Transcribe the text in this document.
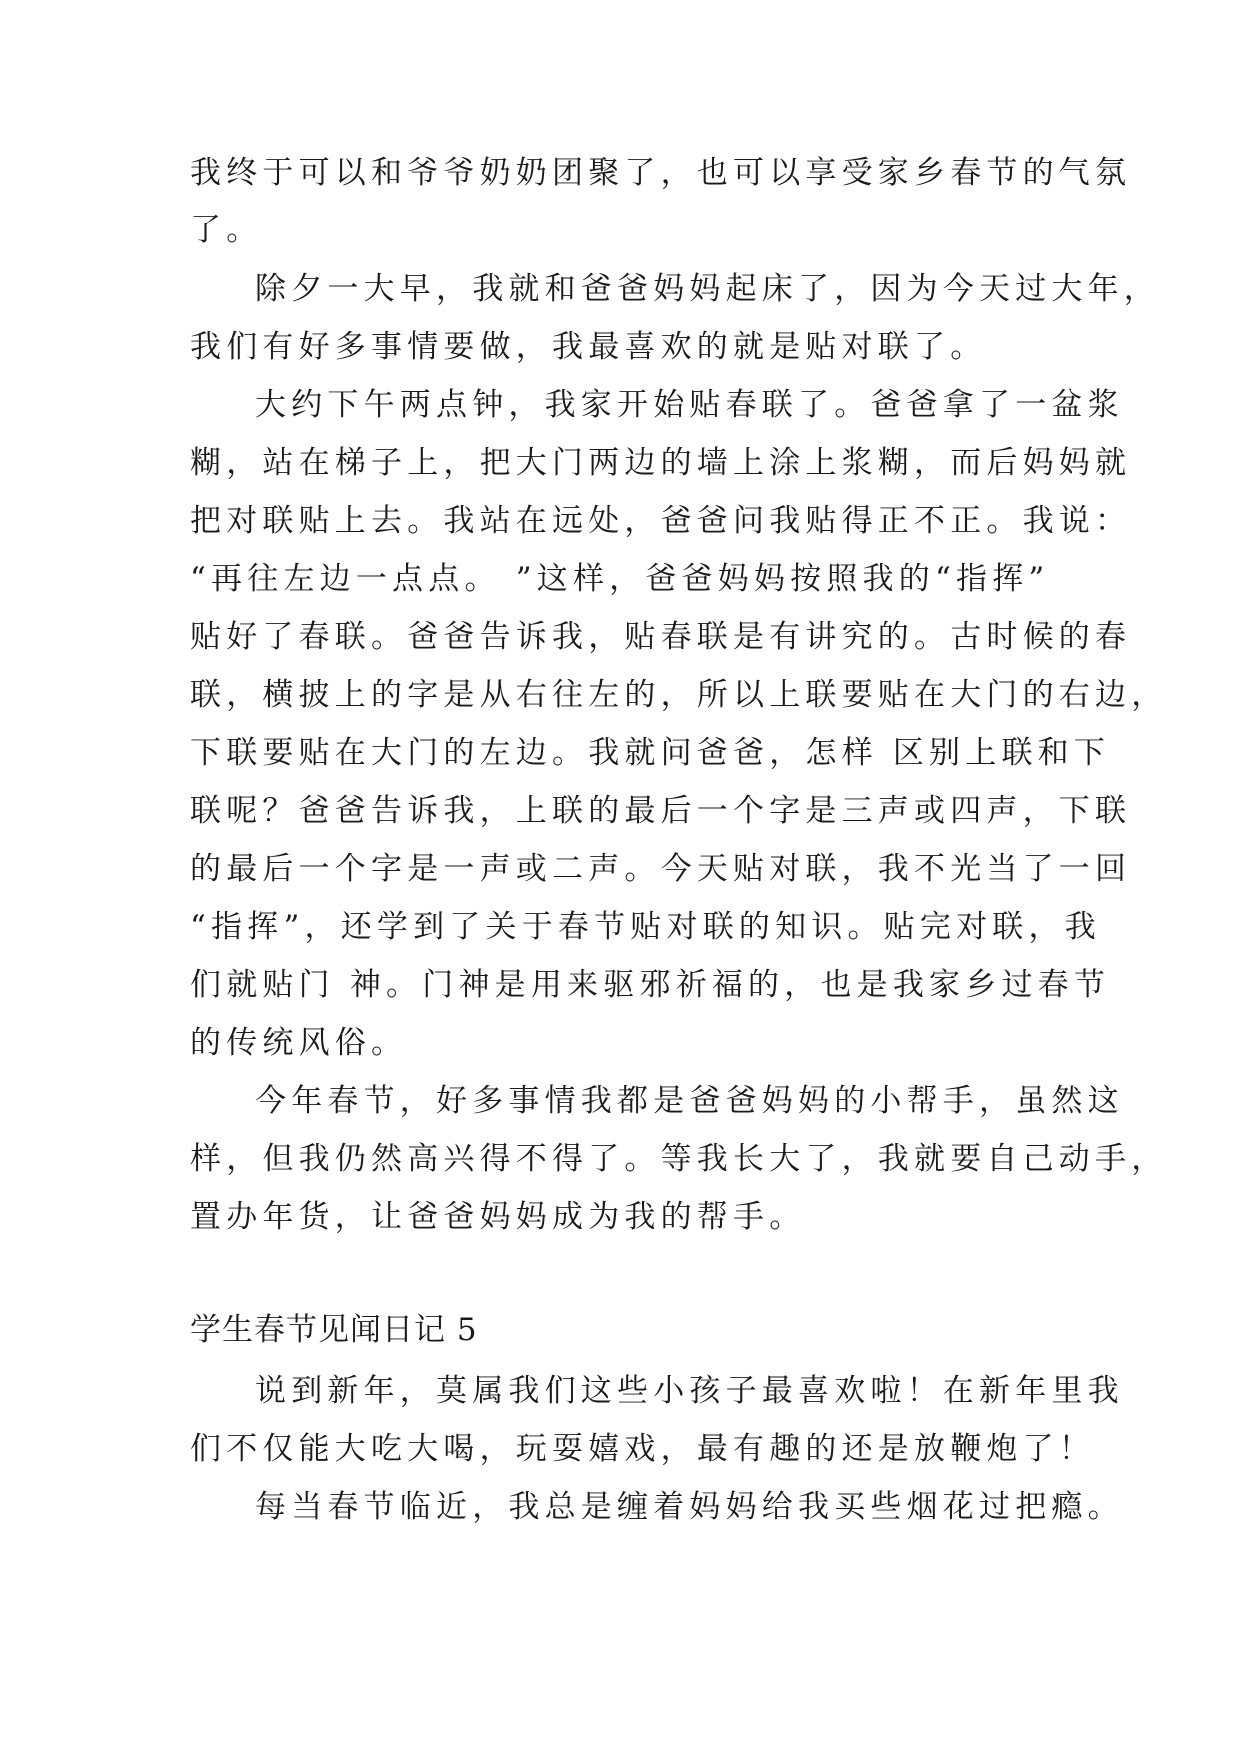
我终于可以和爷爷奶奶团聚了，也可以享受家乡春节的气氛

了。

除夕一大早，我就和爸爸妈妈起床了，因为今天过大年，

我们有好多事情要做，我最喜欢的就是贴对联了。

大约下午两点钟，我家开始贴春联了。爸爸拿了一盆浆

糊，站在梯子上，把大门两边的墙上涂上浆糊，而后妈妈就

把对联贴上去。我站在远处，爸爸问我贴得正不正。我说：

“再往左边一点点。 ”这样，爸爸妈妈按照我的“指挥”

贴好了春联。爸爸告诉我，贴春联是有讲究的。古时候的春

联，横披上的字是从右往左的，所以上联要贴在大门的右边，

下联要贴在大门的左边。我就问爸爸，怎样 区别上联和下

联呢？爸爸告诉我，上联的最后一个字是三声或四声，下联

的最后一个字是一声或二声。今天贴对联，我不光当了一回

“指挥”，还学到了关于春节贴对联的知识。贴完对联，我

们就贴门 神。门神是用来驱邪祈福的，也是我家乡过春节

的传统风俗。

今年春节，好多事情我都是爸爸妈妈的小帮手，虽然这

样，但我仍然高兴得不得了。等我长大了，我就要自己动手，

置办年货，让爸爸妈妈成为我的帮手。

学生春节见闻日记 5

说到新年，莫属我们这些小孩子最喜欢啦！在新年里我

们不仅能大吃大喝，玩耍嬉戏，最有趣的还是放鞭炮了！

每当春节临近，我总是缠着妈妈给我买些烟花过把瘾。
